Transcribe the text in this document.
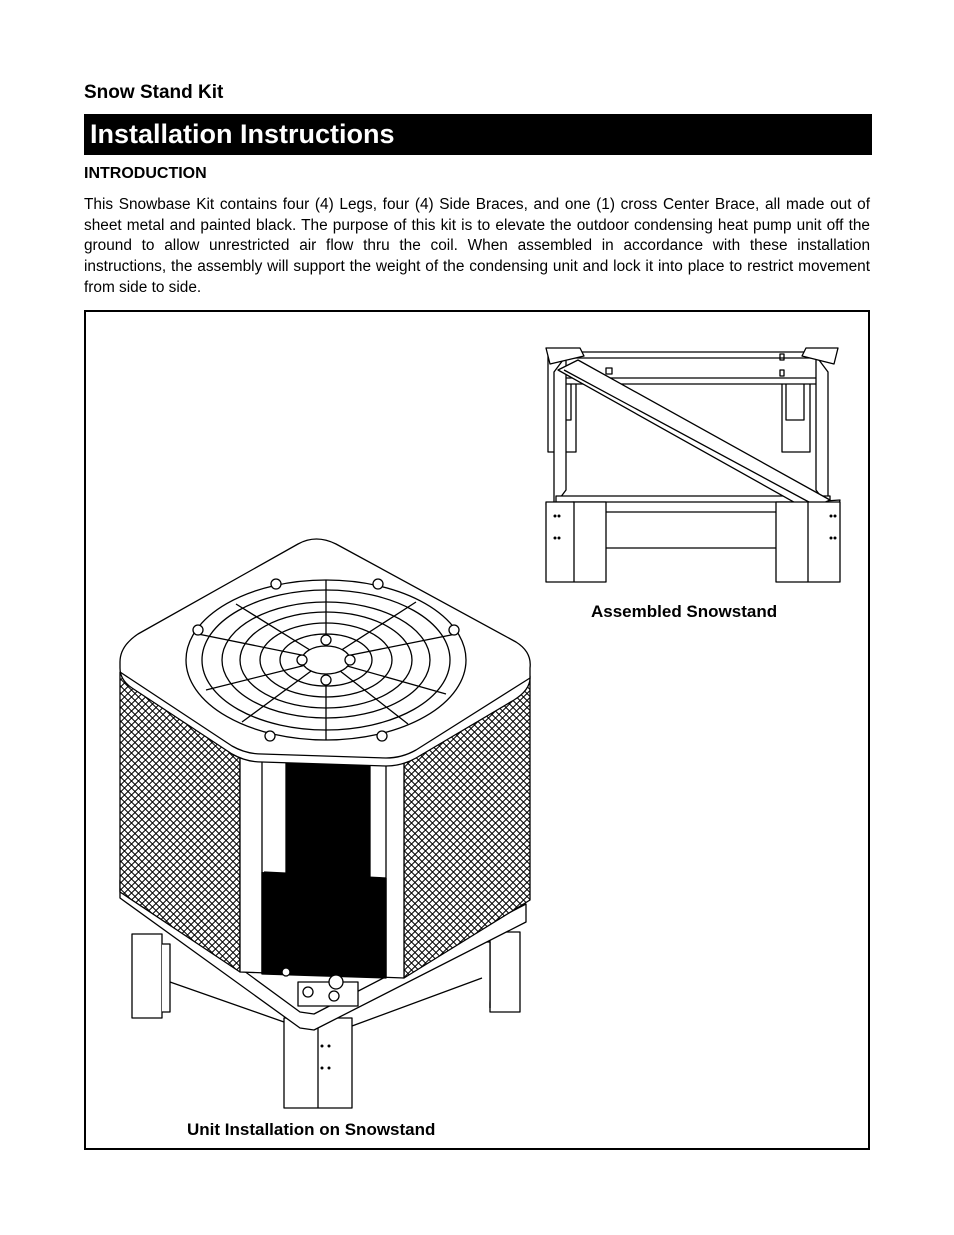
Snow Stand Kit
Installation Instructions
INTRODUCTION

This Snowbase Kit contains four (4) Legs, four (4) Side Braces, and one (1) cross Center Brace, all made out of sheet metal and painted black. The purpose of this kit is to elevate the outdoor condensing heat pump unit off the ground to allow unrestricted air flow thru the coil. When assembled in accordance with these installation instructions, the assembly will support the weight of the condensing unit and lock it into place to restrict movement from side to side.

Assembled Snowstand

Unit Installation on Snowstand
